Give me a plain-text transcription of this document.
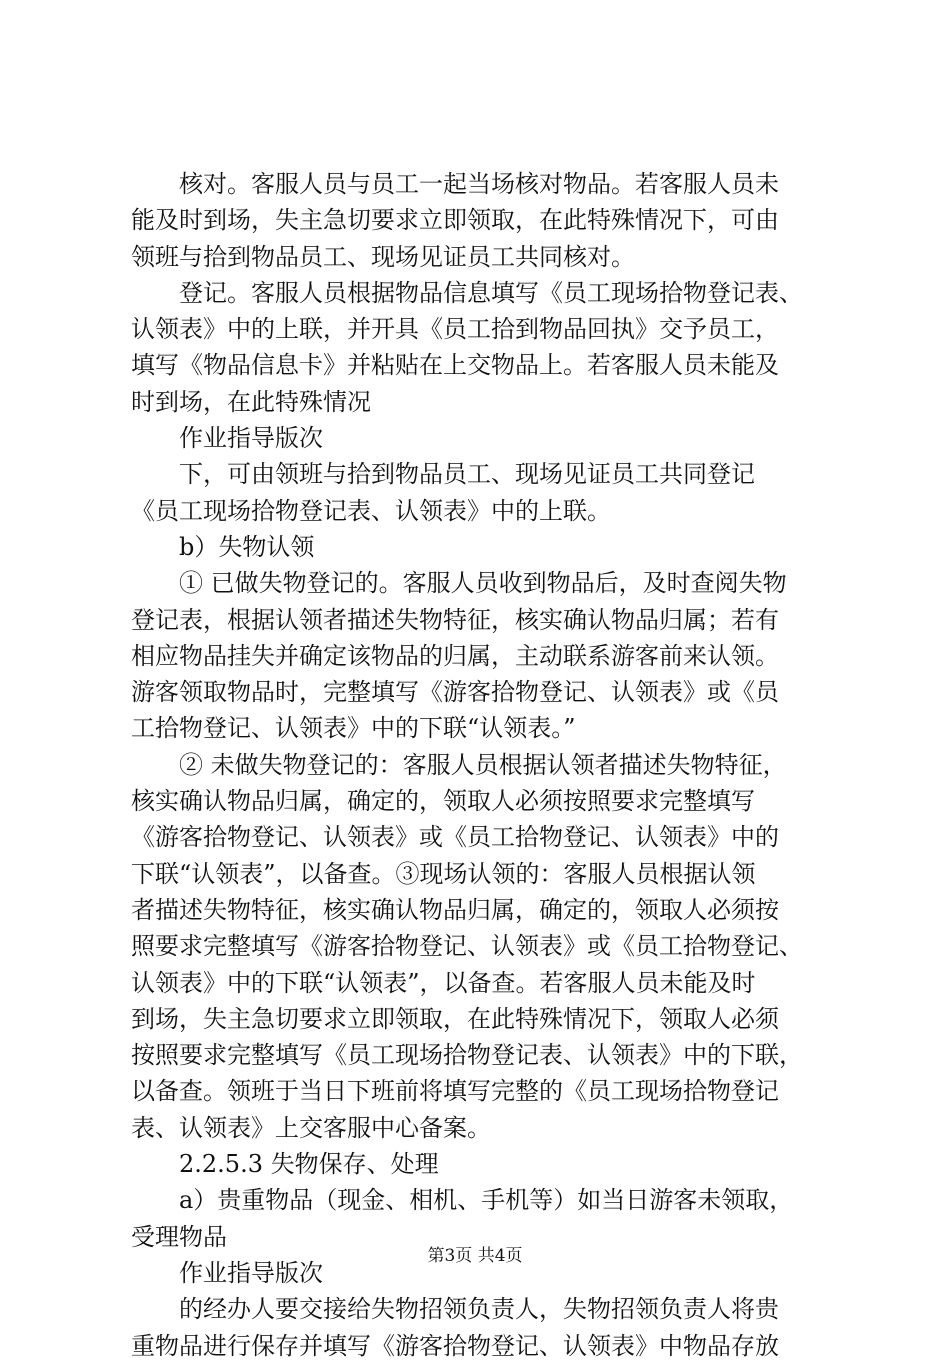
核对。客服人员与员工一起当场核对物品。若客服人员未
能及时到场，失主急切要求立即领取，在此特殊情况下，可由
领班与拾到物品员工、现场见证员工共同核对。
登记。客服人员根据物品信息填写《员工现场拾物登记表、
认领表》中的上联，并开具《员工拾到物品回执》交予员工，
填写《物品信息卡》并粘贴在上交物品上。若客服人员未能及
时到场，在此特殊情况
作业指导版次
下，可由领班与拾到物品员工、现场见证员工共同登记
《员工现场拾物登记表、认领表》中的上联。
b）失物认领
① 已做失物登记的。客服人员收到物品后，及时查阅失物
登记表，根据认领者描述失物特征，核实确认物品归属；若有
相应物品挂失并确定该物品的归属，主动联系游客前来认领。
游客领取物品时，完整填写《游客拾物登记、认领表》或《员
工拾物登记、认领表》中的下联“认领表。”
② 未做失物登记的：客服人员根据认领者描述失物特征，
核实确认物品归属，确定的，领取人必须按照要求完整填写
《游客拾物登记、认领表》或《员工拾物登记、认领表》中的
下联“认领表”，以备查。③现场认领的：客服人员根据认领
者描述失物特征，核实确认物品归属，确定的，领取人必须按
照要求完整填写《游客拾物登记、认领表》或《员工拾物登记、
认领表》中的下联“认领表”，以备查。若客服人员未能及时
到场，失主急切要求立即领取，在此特殊情况下，领取人必须
按照要求完整填写《员工现场拾物登记表、认领表》中的下联，
以备查。领班于当日下班前将填写完整的《员工现场拾物登记
表、认领表》上交客服中心备案。
2.2.5.3 失物保存、处理
a）贵重物品（现金、相机、手机等）如当日游客未领取，
受理物品
作业指导版次
的经办人要交接给失物招领负责人，失物招领负责人将贵
重物品进行保存并填写《游客拾物登记、认领表》中物品存放
第3页 共4页
